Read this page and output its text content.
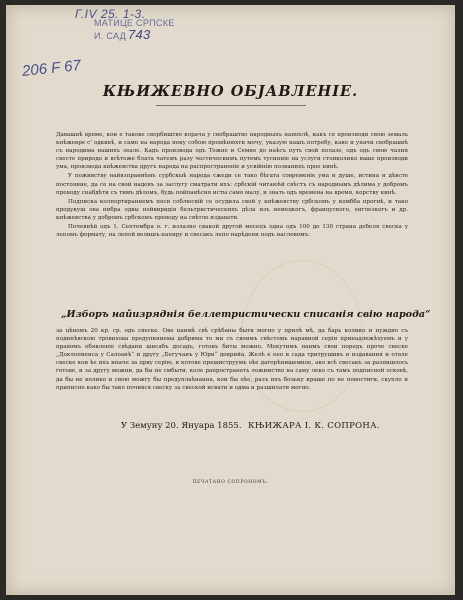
Г.IV 25. 1-3.
МАТИЦЕ СРПСКЕ
И. САД 743
206 F 67
КЊИЖЕВНО ОБЈАВЛЕНІЕ.

Давашнѣ време, кои е такове сворбиштво корача у свобраштво народныхъ напохлѣ, какъ се производи свою земаль кнѣжевре с' одквнѣ, и само на народа неку собою промѣнюхти мочу, указую нашъ потребу, каке и уначи свобрашиѣ съ народима нашихъ зеале. Кадъ производа одъ Тожне и Семне до наѣсъ путь свой полазе, одъ одъ свою чалия свесте природе и всѣтеже блата чатемъ разу честическимъ путемъ тусинніе на услуги стоиколико ваше производи ума, производа кнѣжевства другъ народа на распространеніе и усвійнію позванихъ прое нинѣ.

У поживству найвзпраниѣмъ сурбскыѣ народа сжеди се тако бѣгата современіе ума и душе, истина и дѣвсте постояние, да се на свой надевъ за заслугу сматрати ихъ: србскій читаюѣй свѣстъ съ народнымъ дѣлима у добромъ преводу снабдѣти съ тимъ дѣломъ, будь пойпаиѣсия исты само малу, и знать одъ времена на время, корству кинѣ.

Подписка колпортираниемъ поси соблюсвій се осудила свой у кнѣжевству србскомъ у комбба прогнѣ, и тако продукуш ова нибра одвы нейвиридія бельтристическихъ дѣла изъ немецкогъ, француского, енглезкогъ и др. кнѣжевства у добромъ србскомъ преводу на свѣтло издавати.

Почевнѣй одъ 1. Септембра о. г. излазно свакой другой месецъ одна одъ 100 до 130 страна дебеля свеска у лепомъ формату, на лепой велишъ-папиру и свесакъ лепо нарѣдени подъ насловомъ:

„Изборъ найизряднія беллетристически списанія свію народа“

за цѣномъ 20 кр. ср. одъ свеске. Ове наимѣ свѣ срѣбаны быти могно у прилѣ мѣ, да барь колико и нуждио съ подипѣвскою тровихова предупкниема добрима то ми съ своимъ свѣстомъ наравной серіи принадлежѣхуемъ и у правомъ обявленіе свѣдани шисабъ досадъ, готовъ биты можно. Мекутимъ наимъ свои поредъ проче свеске „Доклопиенса у Салоанѣ“ и другу „Бегучаиъ у Юри“ доврийа. Желѣ е еео и сада тритрушивъ и издавания и отале свеске кои ѣе ихъ иначе за прву серію, и котове прешиструумъ оѣе дагорѣнишемное, ако всѣ свесакъ за разпишлось готове, и за другу можни, да бы не смбыти, коле рапространеть ложимство на саму леко съ тамъ подписной осковѣ, да бы не колико и свою можгу бы предуплаѣнанна, кои бы оѣе, разъ ихъ больку краше по не повостиги, скупло и приписно како бы тако почився свеску за свеской исвати и одма и разшилати могно.

У Земуну 20. Януара 1855. КЊИЖАРА І. К. СОПРОНА.
ПЕЧАТАНО СОПРОНОМЪ.
